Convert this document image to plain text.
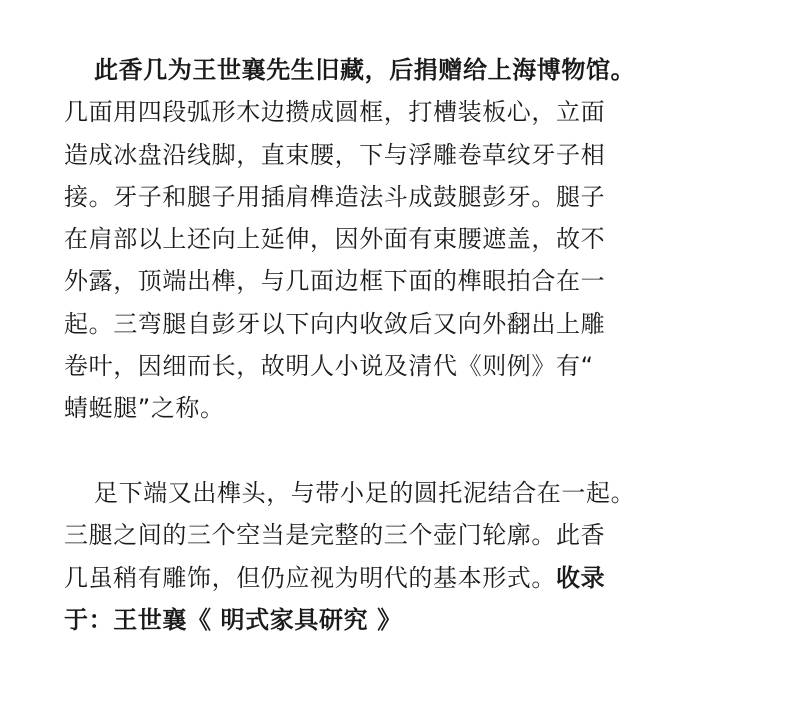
此香几为王世襄先生旧藏，后捐赠给上海博物馆。
几面用四段弧形木边攒成圆框，打槽装板心，立面
造成冰盘沿线脚，直束腰，下与浮雕卷草纹牙子相
接。牙子和腿子用插肩榫造法斗成鼓腿彭牙。腿子
在肩部以上还向上延伸，因外面有束腰遮盖，故不
外露，顶端出榫，与几面边框下面的榫眼拍合在一
起。三弯腿自彭牙以下向内收敛后又向外翻出上雕
卷叶，因细而长，故明人小说及清代《则例》有“
蜻蜓腿”之称。
足下端又出榫头，与带小足的圆托泥结合在一起。
三腿之间的三个空当是完整的三个壶门轮廓。此香
几虽稍有雕饰，但仍应视为明代的基本形式。收录
于：王世襄《 明式家具研究 》
